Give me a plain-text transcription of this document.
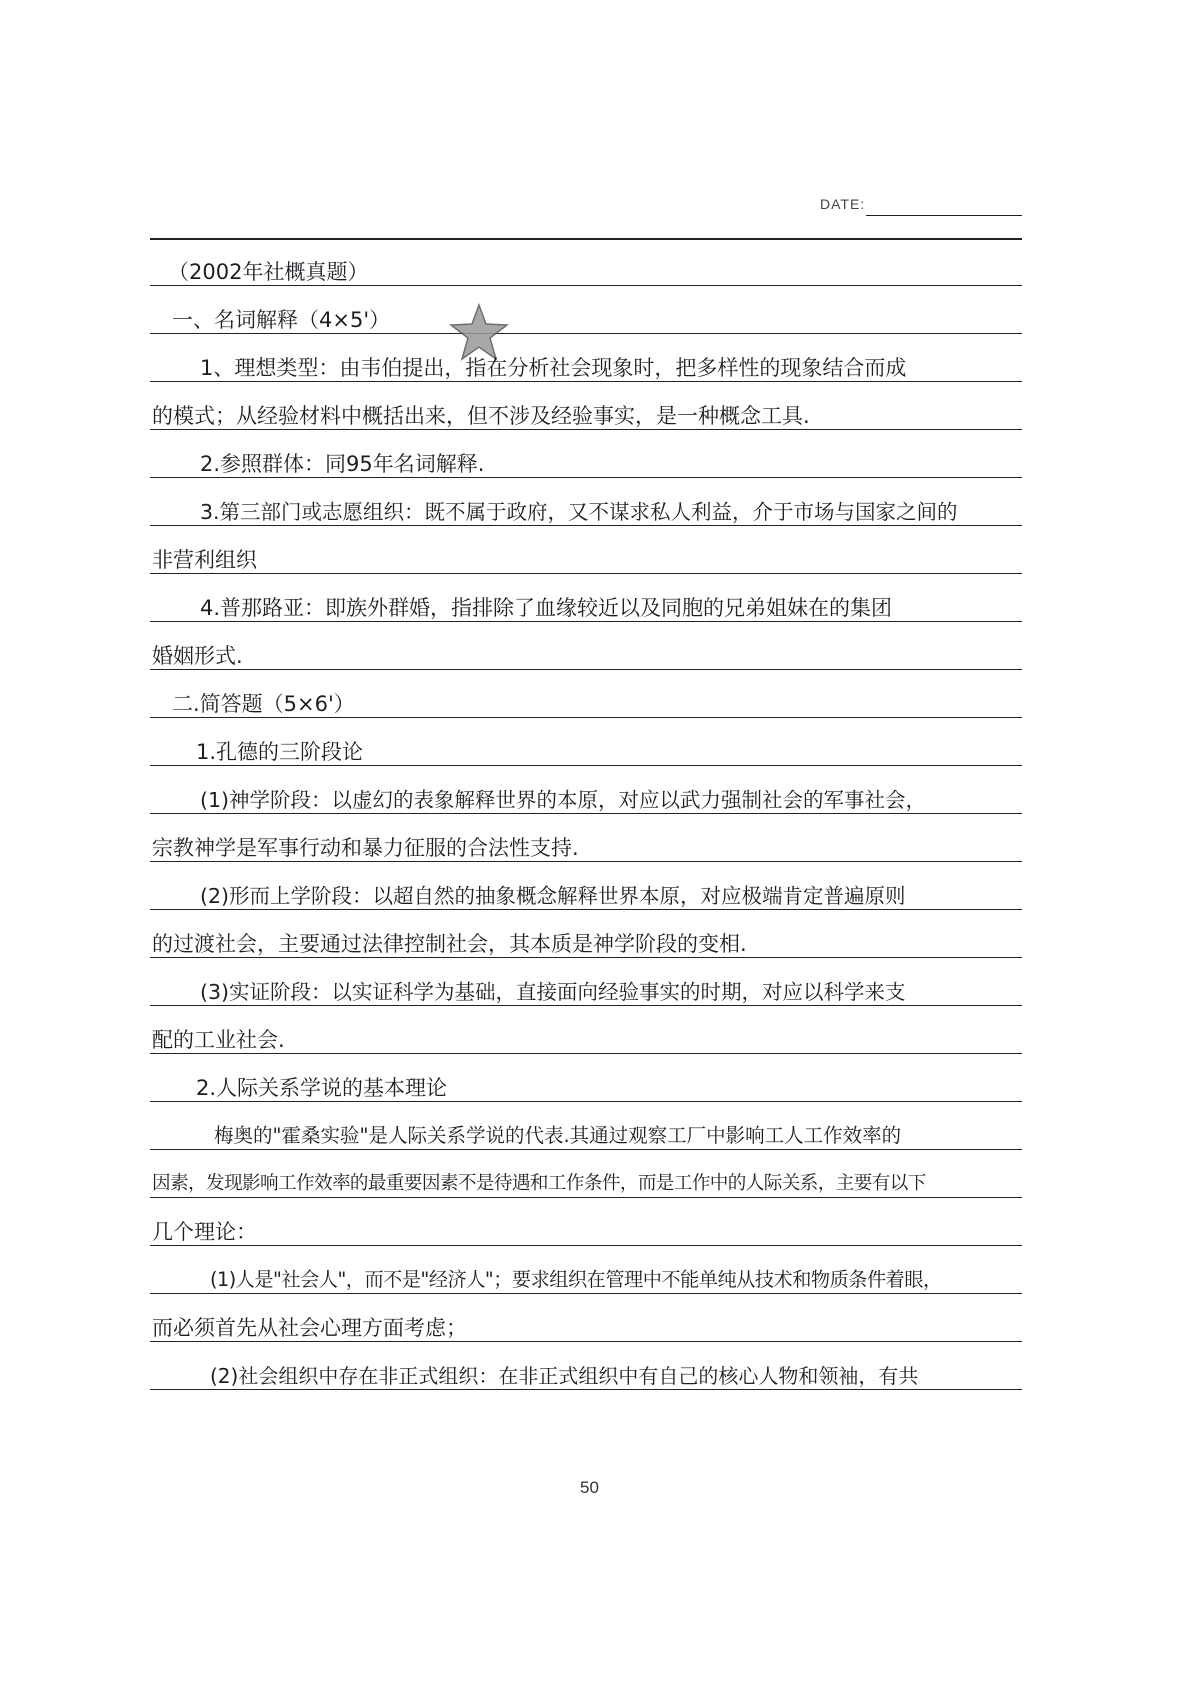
DATE:
（2002年社概真题）
一、名词解释（4×5'）
1、理想类型：由韦伯提出，指在分析社会现象时，把多样性的现象结合而成
的模式；从经验材料中概括出来，但不涉及经验事实，是一种概念工具.
2.参照群体：同95年名词解释.
3.第三部门或志愿组织：既不属于政府，又不谋求私人利益，介于市场与国家之间的
非营利组织
4.普那路亚：即族外群婚，指排除了血缘较近以及同胞的兄弟姐妹在的集团
婚姻形式.
二.简答题（5×6'）
1.孔德的三阶段论
(1)神学阶段：以虚幻的表象解释世界的本原，对应以武力强制社会的军事社会，
宗教神学是军事行动和暴力征服的合法性支持.
(2)形而上学阶段：以超自然的抽象概念解释世界本原，对应极端肯定普遍原则
的过渡社会，主要通过法律控制社会，其本质是神学阶段的变相.
(3)实证阶段：以实证科学为基础，直接面向经验事实的时期，对应以科学来支
配的工业社会.
2.人际关系学说的基本理论
梅奥的"霍桑实验"是人际关系学说的代表.其通过观察工厂中影响工人工作效率的
因素，发现影响工作效率的最重要因素不是待遇和工作条件，而是工作中的人际关系，主要有以下
几个理论：
(1)人是"社会人"，而不是"经济人"；要求组织在管理中不能单纯从技术和物质条件着眼，
而必须首先从社会心理方面考虑；
(2)社会组织中存在非正式组织：在非正式组织中有自己的核心人物和领袖，有共
50
